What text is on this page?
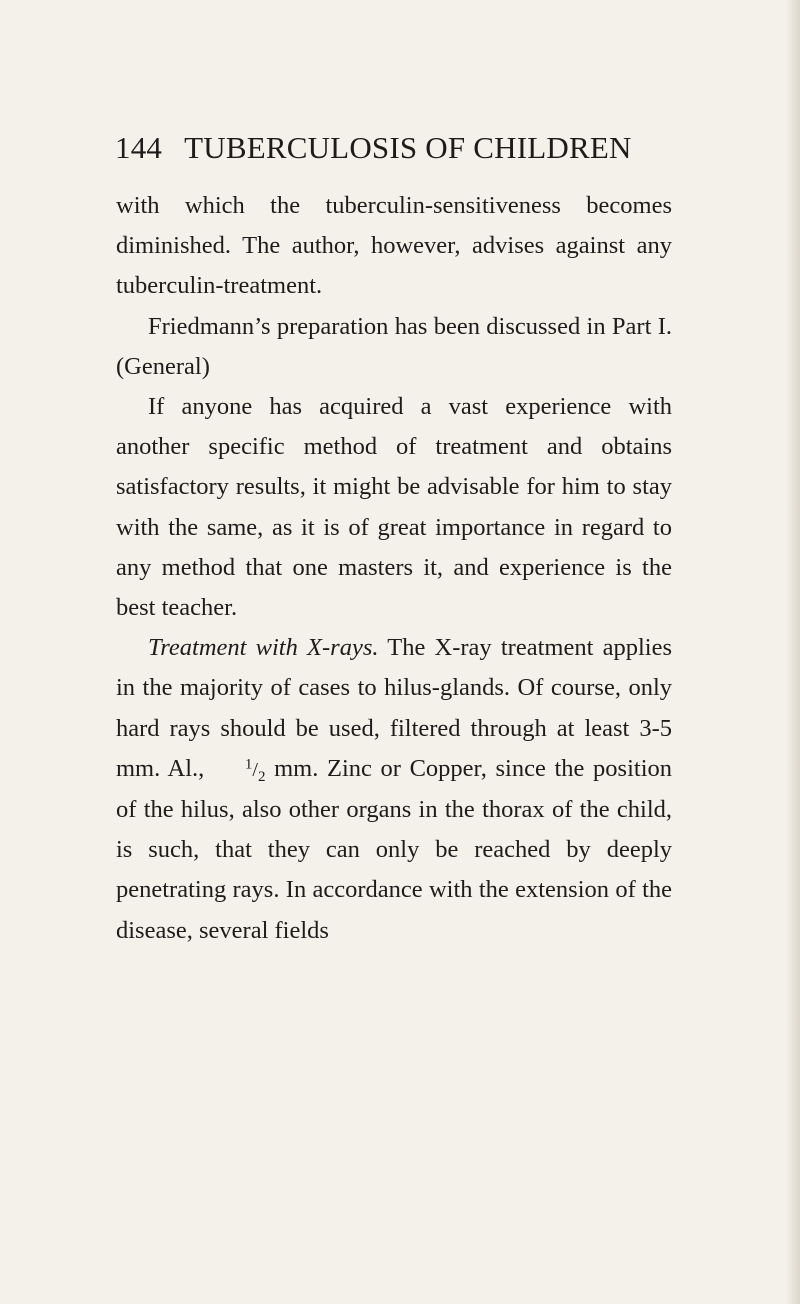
144 TUBERCULOSIS OF CHILDREN

with which the tuberculin-sensitiveness becomes diminished. The author, however, advises against any tuberculin-treatment.

Friedmann’s preparation has been discussed in Part I. (General)

If anyone has acquired a vast experience with another specific method of treatment and obtains satisfactory results, it might be advisable for him to stay with the same, as it is of great importance in regard to any method that one masters it, and experience is the best teacher.

Treatment with X-rays. The X-ray treatment applies in the majority of cases to hilus-glands. Of course, only hard rays should be used, filtered through at least 3-5 mm. Al., $^1/_2$ mm. Zinc or Copper, since the position of the hilus, also other organs in the thorax of the child, is such, that they can only be reached by deeply penetrating rays. In accordance with the extension of the disease, several fields
